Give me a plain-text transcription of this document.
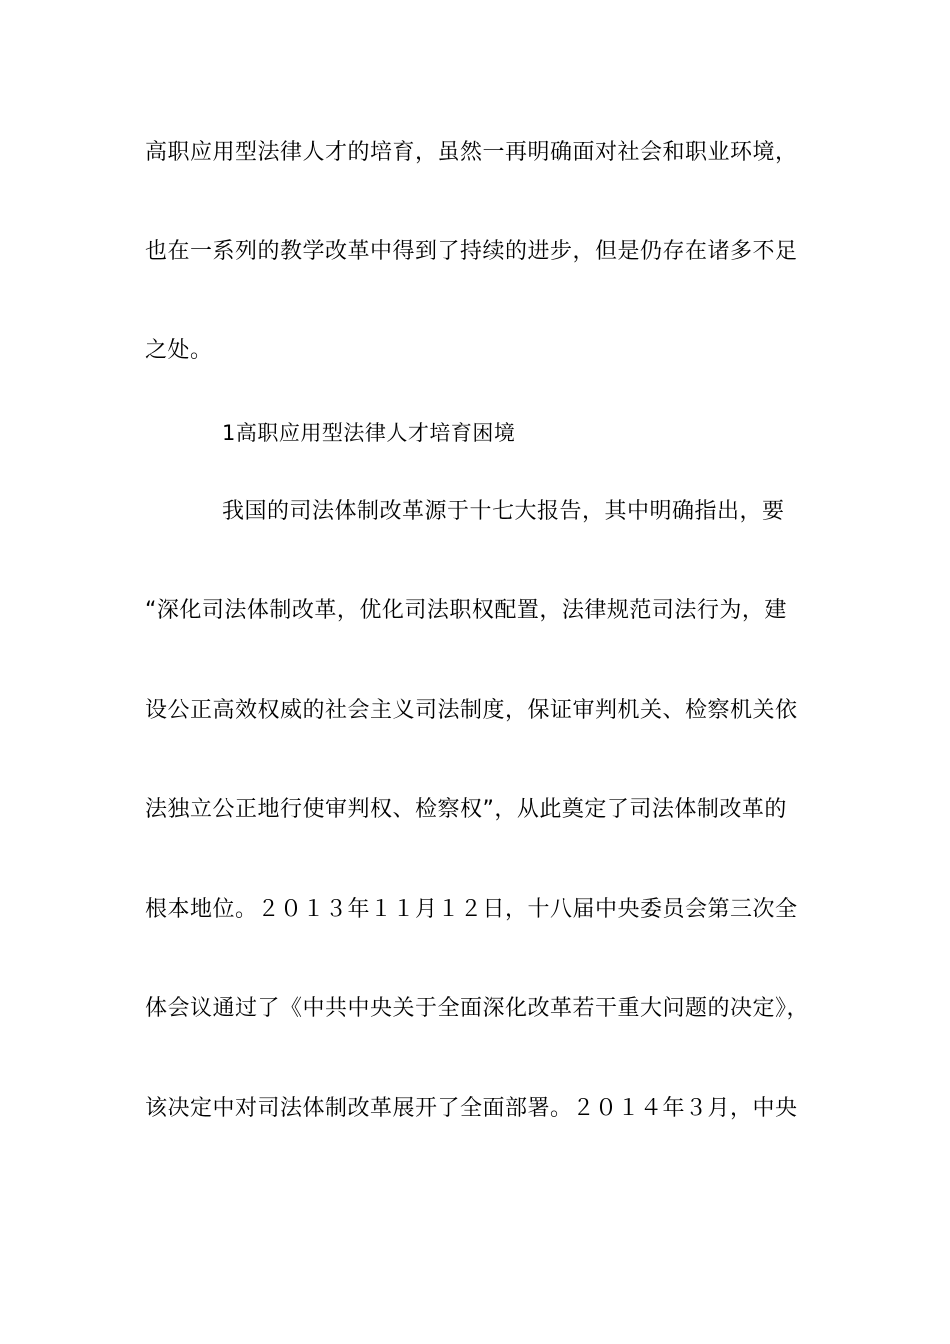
高职应用型法律人才的培育，虽然一再明确面对社会和职业环境，
也在一系列的教学改革中得到了持续的进步，但是仍存在诸多不足
之处。
1高职应用型法律人才培育困境
我国的司法体制改革源于十七大报告，其中明确指出，要
“深化司法体制改革，优化司法职权配置，法律规范司法行为，建
设公正高效权威的社会主义司法制度，保证审判机关、检察机关依
法独立公正地行使审判权、检察权”，从此奠定了司法体制改革的
根本地位。２０１３年１１月１２日，十八届中央委员会第三次全
体会议通过了《中共中央关于全面深化改革若干重大问题的决定》，
该决定中对司法体制改革展开了全面部署。２０１４年３月，中央
